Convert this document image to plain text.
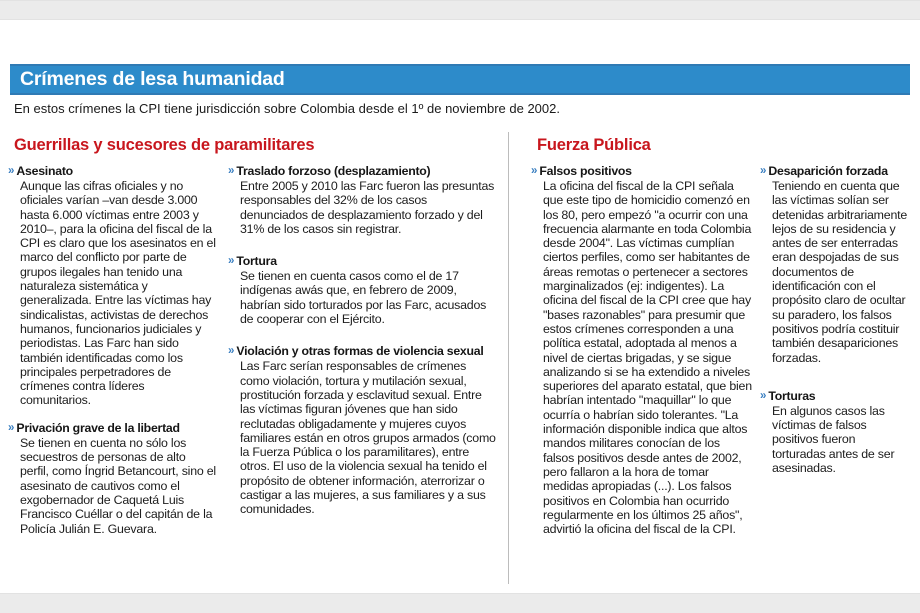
Crímenes de lesa humanidad
En estos crímenes la CPI tiene jurisdicción sobre Colombia desde el 1º de noviembre de 2002.
Guerrillas y sucesores de paramilitares	Fuerza Pública
» Asesinato
Aunque las cifras oficiales y no oficiales varían –van desde 3.000 hasta 6.000 víctimas entre 2003 y 2010–, para la oficina del fiscal de la CPI es claro que los asesinatos en el marco del conflicto por parte de grupos ilegales han tenido una naturaleza sistemática y generalizada. Entre las víctimas hay sindicalistas, activistas de derechos humanos, funcionarios judiciales y periodistas. Las Farc han sido también identificadas como los principales perpetradores de crímenes contra líderes comunitarios.
» Privación grave de la libertad
Se tienen en cuenta no sólo los secuestros de personas de alto perfil, como Íngrid Betancourt, sino el asesinato de cautivos como el exgobernador de Caquetá Luis Francisco Cuéllar o del capitán de la Policía Julián E. Guevara.
» Traslado forzoso (desplazamiento)
Entre 2005 y 2010 las Farc fueron las presuntas responsables del 32% de los casos denunciados de desplazamiento forzado y del 31% de los casos sin registrar.
» Tortura
Se tienen en cuenta casos como el de 17 indígenas awás que, en febrero de 2009, habrían sido torturados por las Farc, acusados de cooperar con el Ejército.
» Violación y otras formas de violencia sexual
Las Farc serían responsables de crímenes como violación, tortura y mutilación sexual, prostitución forzada y esclavitud sexual. Entre las víctimas figuran jóvenes que han sido reclutadas obligadamente y mujeres cuyos familiares están en otros grupos armados (como la Fuerza Pública o los paramilitares), entre otros. El uso de la violencia sexual ha tenido el propósito de obtener información, aterrorizar o castigar a las mujeres, a sus familiares y a sus comunidades.
» Falsos positivos
La oficina del fiscal de la CPI señala que este tipo de homicidio comenzó en los 80, pero empezó "a ocurrir con una frecuencia alarmante en toda Colombia desde 2004". Las víctimas cumplían ciertos perfiles, como ser habitantes de áreas remotas o pertenecer a sectores marginalizados (ej: indigentes). La oficina del fiscal de la CPI cree que hay "bases razonables" para presumir que estos crímenes corresponden a una política estatal, adoptada al menos a nivel de ciertas brigadas, y se sigue analizando si se ha extendido a niveles superiores del aparato estatal, que bien habrían intentado "maquillar" lo que ocurría o habrían sido tolerantes. "La información disponible indica que altos mandos militares conocían de los falsos positivos desde antes de 2002, pero fallaron a la hora de tomar medidas apropiadas (...). Los falsos positivos en Colombia han ocurrido regularmente en los últimos 25 años", advirtió la oficina del fiscal de la CPI.
» Desaparición forzada
Teniendo en cuenta que las víctimas solían ser detenidas arbitrariamente lejos de su residencia y antes de ser enterradas eran despojadas de sus documentos de identificación con el propósito claro de ocultar su paradero, los falsos positivos podría costituir también desapariciones forzadas.
» Torturas
En algunos casos las víctimas de falsos positivos fueron torturadas antes de ser asesinadas.
